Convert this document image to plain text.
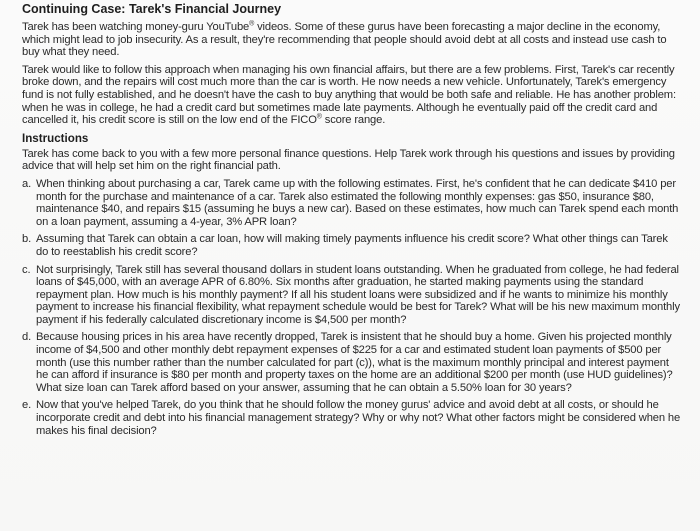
Continuing Case: Tarek's Financial Journey

Tarek has been watching money-guru YouTube® videos. Some of these gurus have been forecasting a major decline in the economy, which might lead to job insecurity. As a result, they're recommending that people should avoid debt at all costs and instead use cash to buy what they need.

Tarek would like to follow this approach when managing his own financial affairs, but there are a few problems. First, Tarek's car recently broke down, and the repairs will cost much more than the car is worth. He now needs a new vehicle. Unfortunately, Tarek's emergency fund is not fully established, and he doesn't have the cash to buy anything that would be both safe and reliable. He has another problem: when he was in college, he had a credit card but sometimes made late payments. Although he eventually paid off the credit card and cancelled it, his credit score is still on the low end of the FICO® score range.

Instructions

Tarek has come back to you with a few more personal finance questions. Help Tarek work through his questions and issues by providing advice that will help set him on the right financial path.

a. When thinking about purchasing a car, Tarek came up with the following estimates. First, he's confident that he can dedicate $410 per month for the purchase and maintenance of a car. Tarek also estimated the following monthly expenses: gas $50, insurance $80, maintenance $40, and repairs $15 (assuming he buys a new car). Based on these estimates, how much can Tarek spend each month on a loan payment, assuming a 4-year, 3% APR loan?
b. Assuming that Tarek can obtain a car loan, how will making timely payments influence his credit score? What other things can Tarek do to reestablish his credit score?
c. Not surprisingly, Tarek still has several thousand dollars in student loans outstanding. When he graduated from college, he had federal loans of $45,000, with an average APR of 6.80%. Six months after graduation, he started making payments using the standard repayment plan. How much is his monthly payment? If all his student loans were subsidized and if he wants to minimize his monthly payment to increase his financial flexibility, what repayment schedule would be best for Tarek? What will be his new maximum monthly payment if his federally calculated discretionary income is $4,500 per month?
d. Because housing prices in his area have recently dropped, Tarek is insistent that he should buy a home. Given his projected monthly income of $4,500 and other monthly debt repayment expenses of $225 for a car and estimated student loan payments of $500 per month (use this number rather than the number calculated for part (c)), what is the maximum monthly principal and interest payment he can afford if insurance is $80 per month and property taxes on the home are an additional $200 per month (use HUD guidelines)? What size loan can Tarek afford based on your answer, assuming that he can obtain a 5.50% loan for 30 years?
e. Now that you've helped Tarek, do you think that he should follow the money gurus' advice and avoid debt at all costs, or should he incorporate credit and debt into his financial management strategy? Why or why not? What other factors might be considered when he makes his final decision?
